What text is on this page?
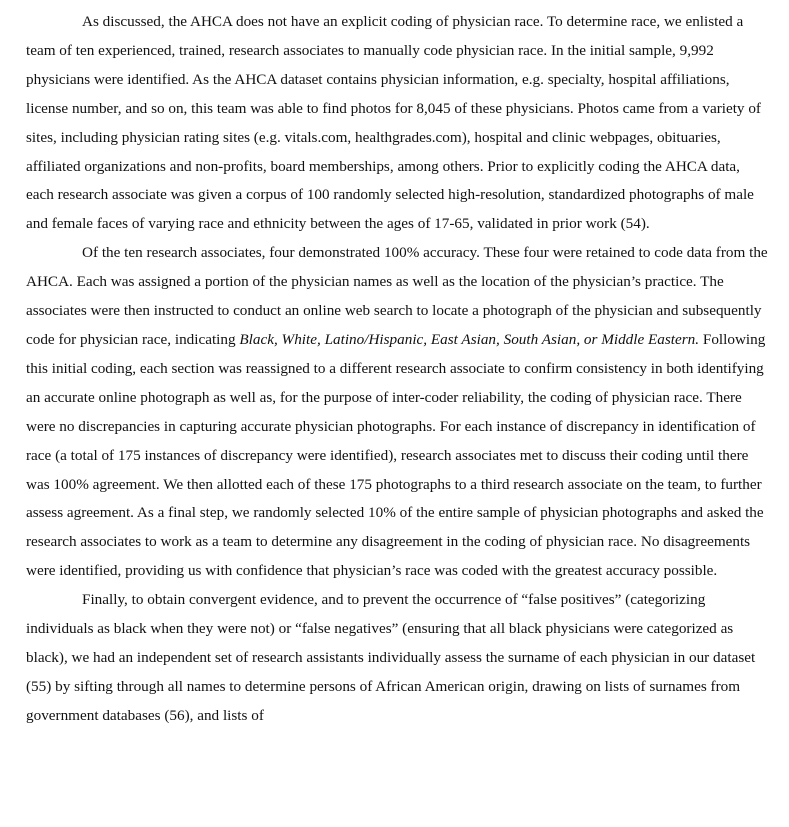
As discussed, the AHCA does not have an explicit coding of physician race. To determine race, we enlisted a team of ten experienced, trained, research associates to manually code physician race. In the initial sample, 9,992 physicians were identified. As the AHCA dataset contains physician information, e.g. specialty, hospital affiliations, license number, and so on, this team was able to find photos for 8,045 of these physicians. Photos came from a variety of sites, including physician rating sites (e.g. vitals.com, healthgrades.com), hospital and clinic webpages, obituaries, affiliated organizations and non-profits, board memberships, among others. Prior to explicitly coding the AHCA data, each research associate was given a corpus of 100 randomly selected high-resolution, standardized photographs of male and female faces of varying race and ethnicity between the ages of 17-65, validated in prior work (54).

Of the ten research associates, four demonstrated 100% accuracy. These four were retained to code data from the AHCA. Each was assigned a portion of the physician names as well as the location of the physician’s practice. The associates were then instructed to conduct an online web search to locate a photograph of the physician and subsequently code for physician race, indicating Black, White, Latino/Hispanic, East Asian, South Asian, or Middle Eastern. Following this initial coding, each section was reassigned to a different research associate to confirm consistency in both identifying an accurate online photograph as well as, for the purpose of inter-coder reliability, the coding of physician race. There were no discrepancies in capturing accurate physician photographs. For each instance of discrepancy in identification of race (a total of 175 instances of discrepancy were identified), research associates met to discuss their coding until there was 100% agreement. We then allotted each of these 175 photographs to a third research associate on the team, to further assess agreement. As a final step, we randomly selected 10% of the entire sample of physician photographs and asked the research associates to work as a team to determine any disagreement in the coding of physician race. No disagreements were identified, providing us with confidence that physician’s race was coded with the greatest accuracy possible.

Finally, to obtain convergent evidence, and to prevent the occurrence of “false positives” (categorizing individuals as black when they were not) or “false negatives” (ensuring that all black physicians were categorized as black), we had an independent set of research assistants individually assess the surname of each physician in our dataset (55) by sifting through all names to determine persons of African American origin, drawing on lists of surnames from government databases (56), and lists of
